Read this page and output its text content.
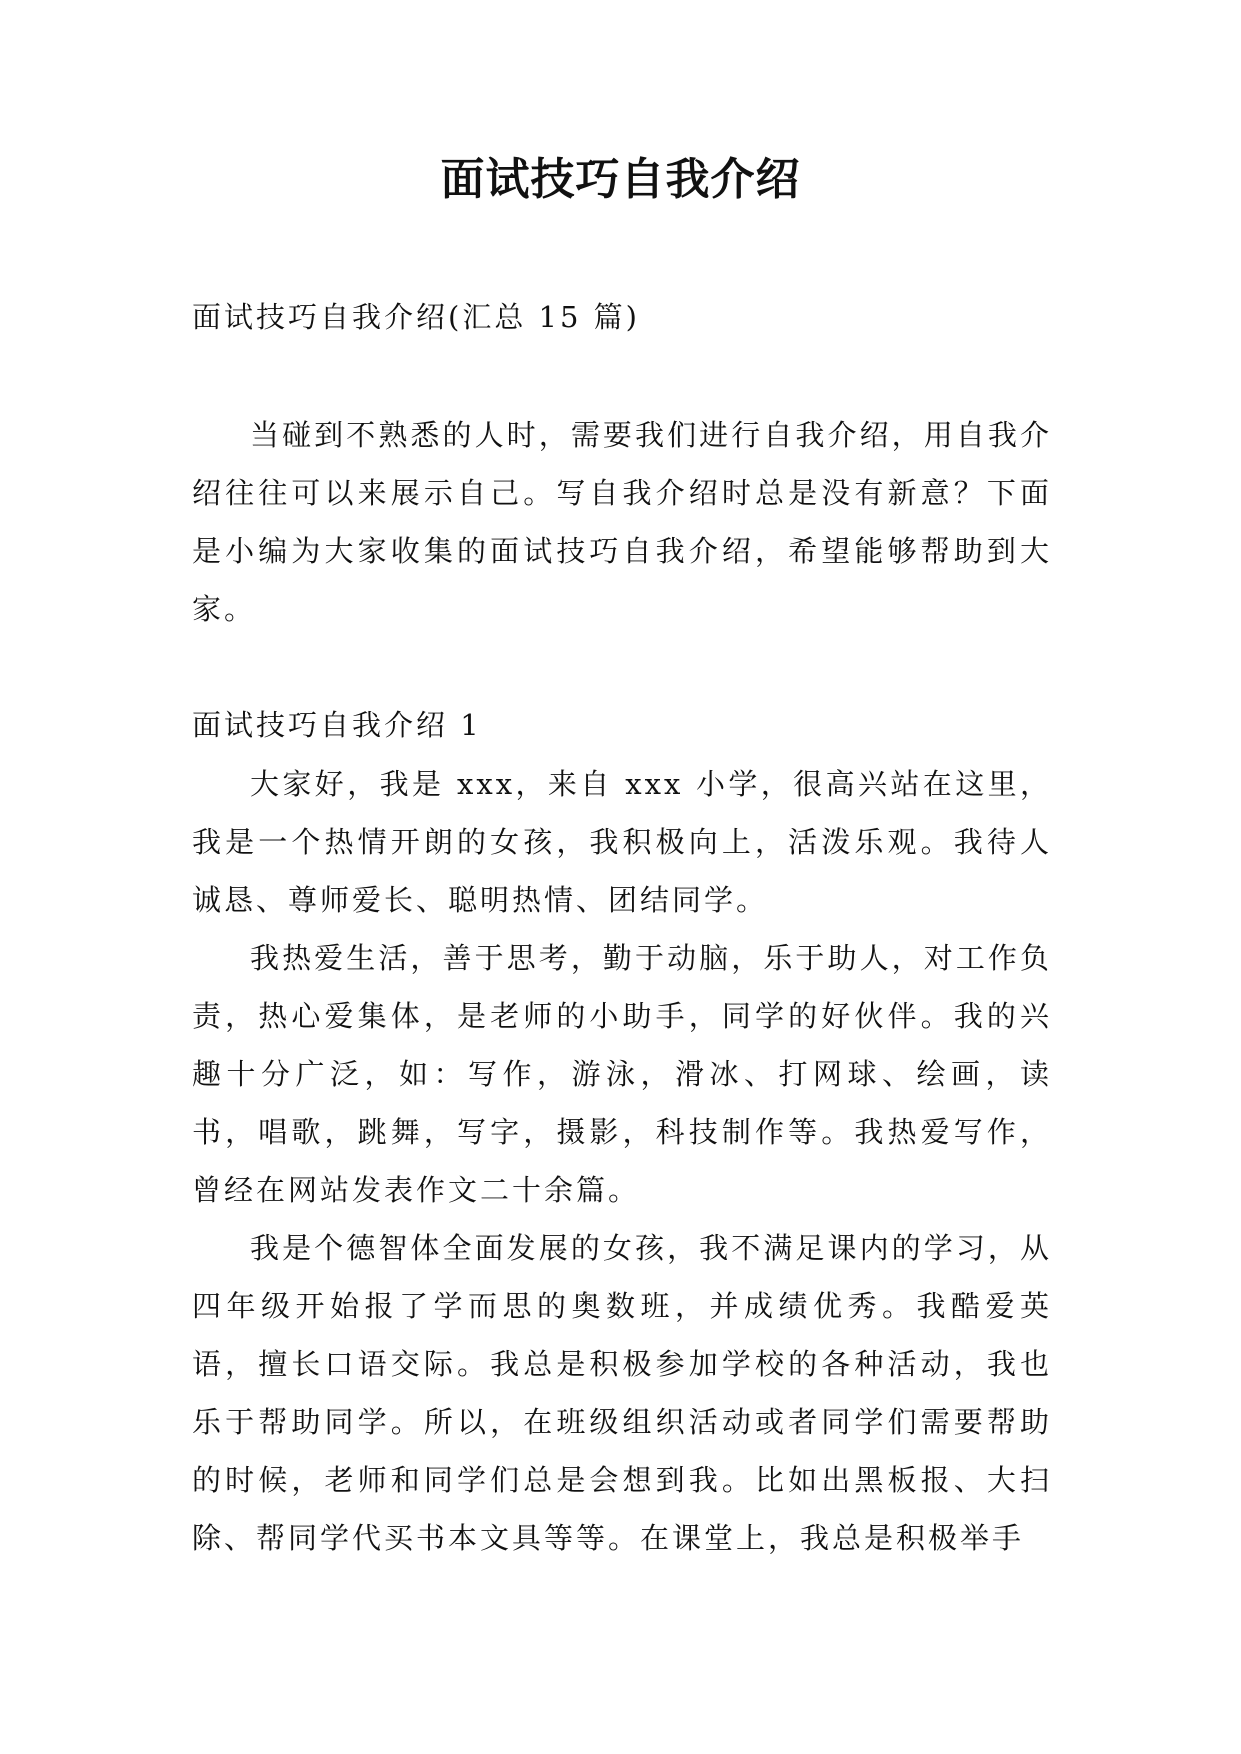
面试技巧自我介绍

面试技巧自我介绍(汇总 15 篇)

当碰到不熟悉的人时，需要我们进行自我介绍，用自我介绍往往可以来展示自己。写自我介绍时总是没有新意？下面是小编为大家收集的面试技巧自我介绍，希望能够帮助到大家。

面试技巧自我介绍 1

大家好，我是 xxx，来自 xxx 小学，很高兴站在这里，我是一个热情开朗的女孩，我积极向上，活泼乐观。我待人诚恳、尊师爱长、聪明热情、团结同学。

我热爱生活，善于思考，勤于动脑，乐于助人，对工作负责，热心爱集体，是老师的小助手，同学的好伙伴。我的兴趣十分广泛，如：写作，游泳，滑冰、打网球、绘画，读书，唱歌，跳舞，写字，摄影，科技制作等。我热爱写作，曾经在网站发表作文二十余篇。

我是个德智体全面发展的女孩，我不满足课内的学习，从四年级开始报了学而思的奥数班，并成绩优秀。我酷爱英语，擅长口语交际。我总是积极参加学校的各种活动，我也乐于帮助同学。所以，在班级组织活动或者同学们需要帮助的时候，老师和同学们总是会想到我。比如出黑板报、大扫除、帮同学代买书本文具等等。在课堂上，我总是积极举手
